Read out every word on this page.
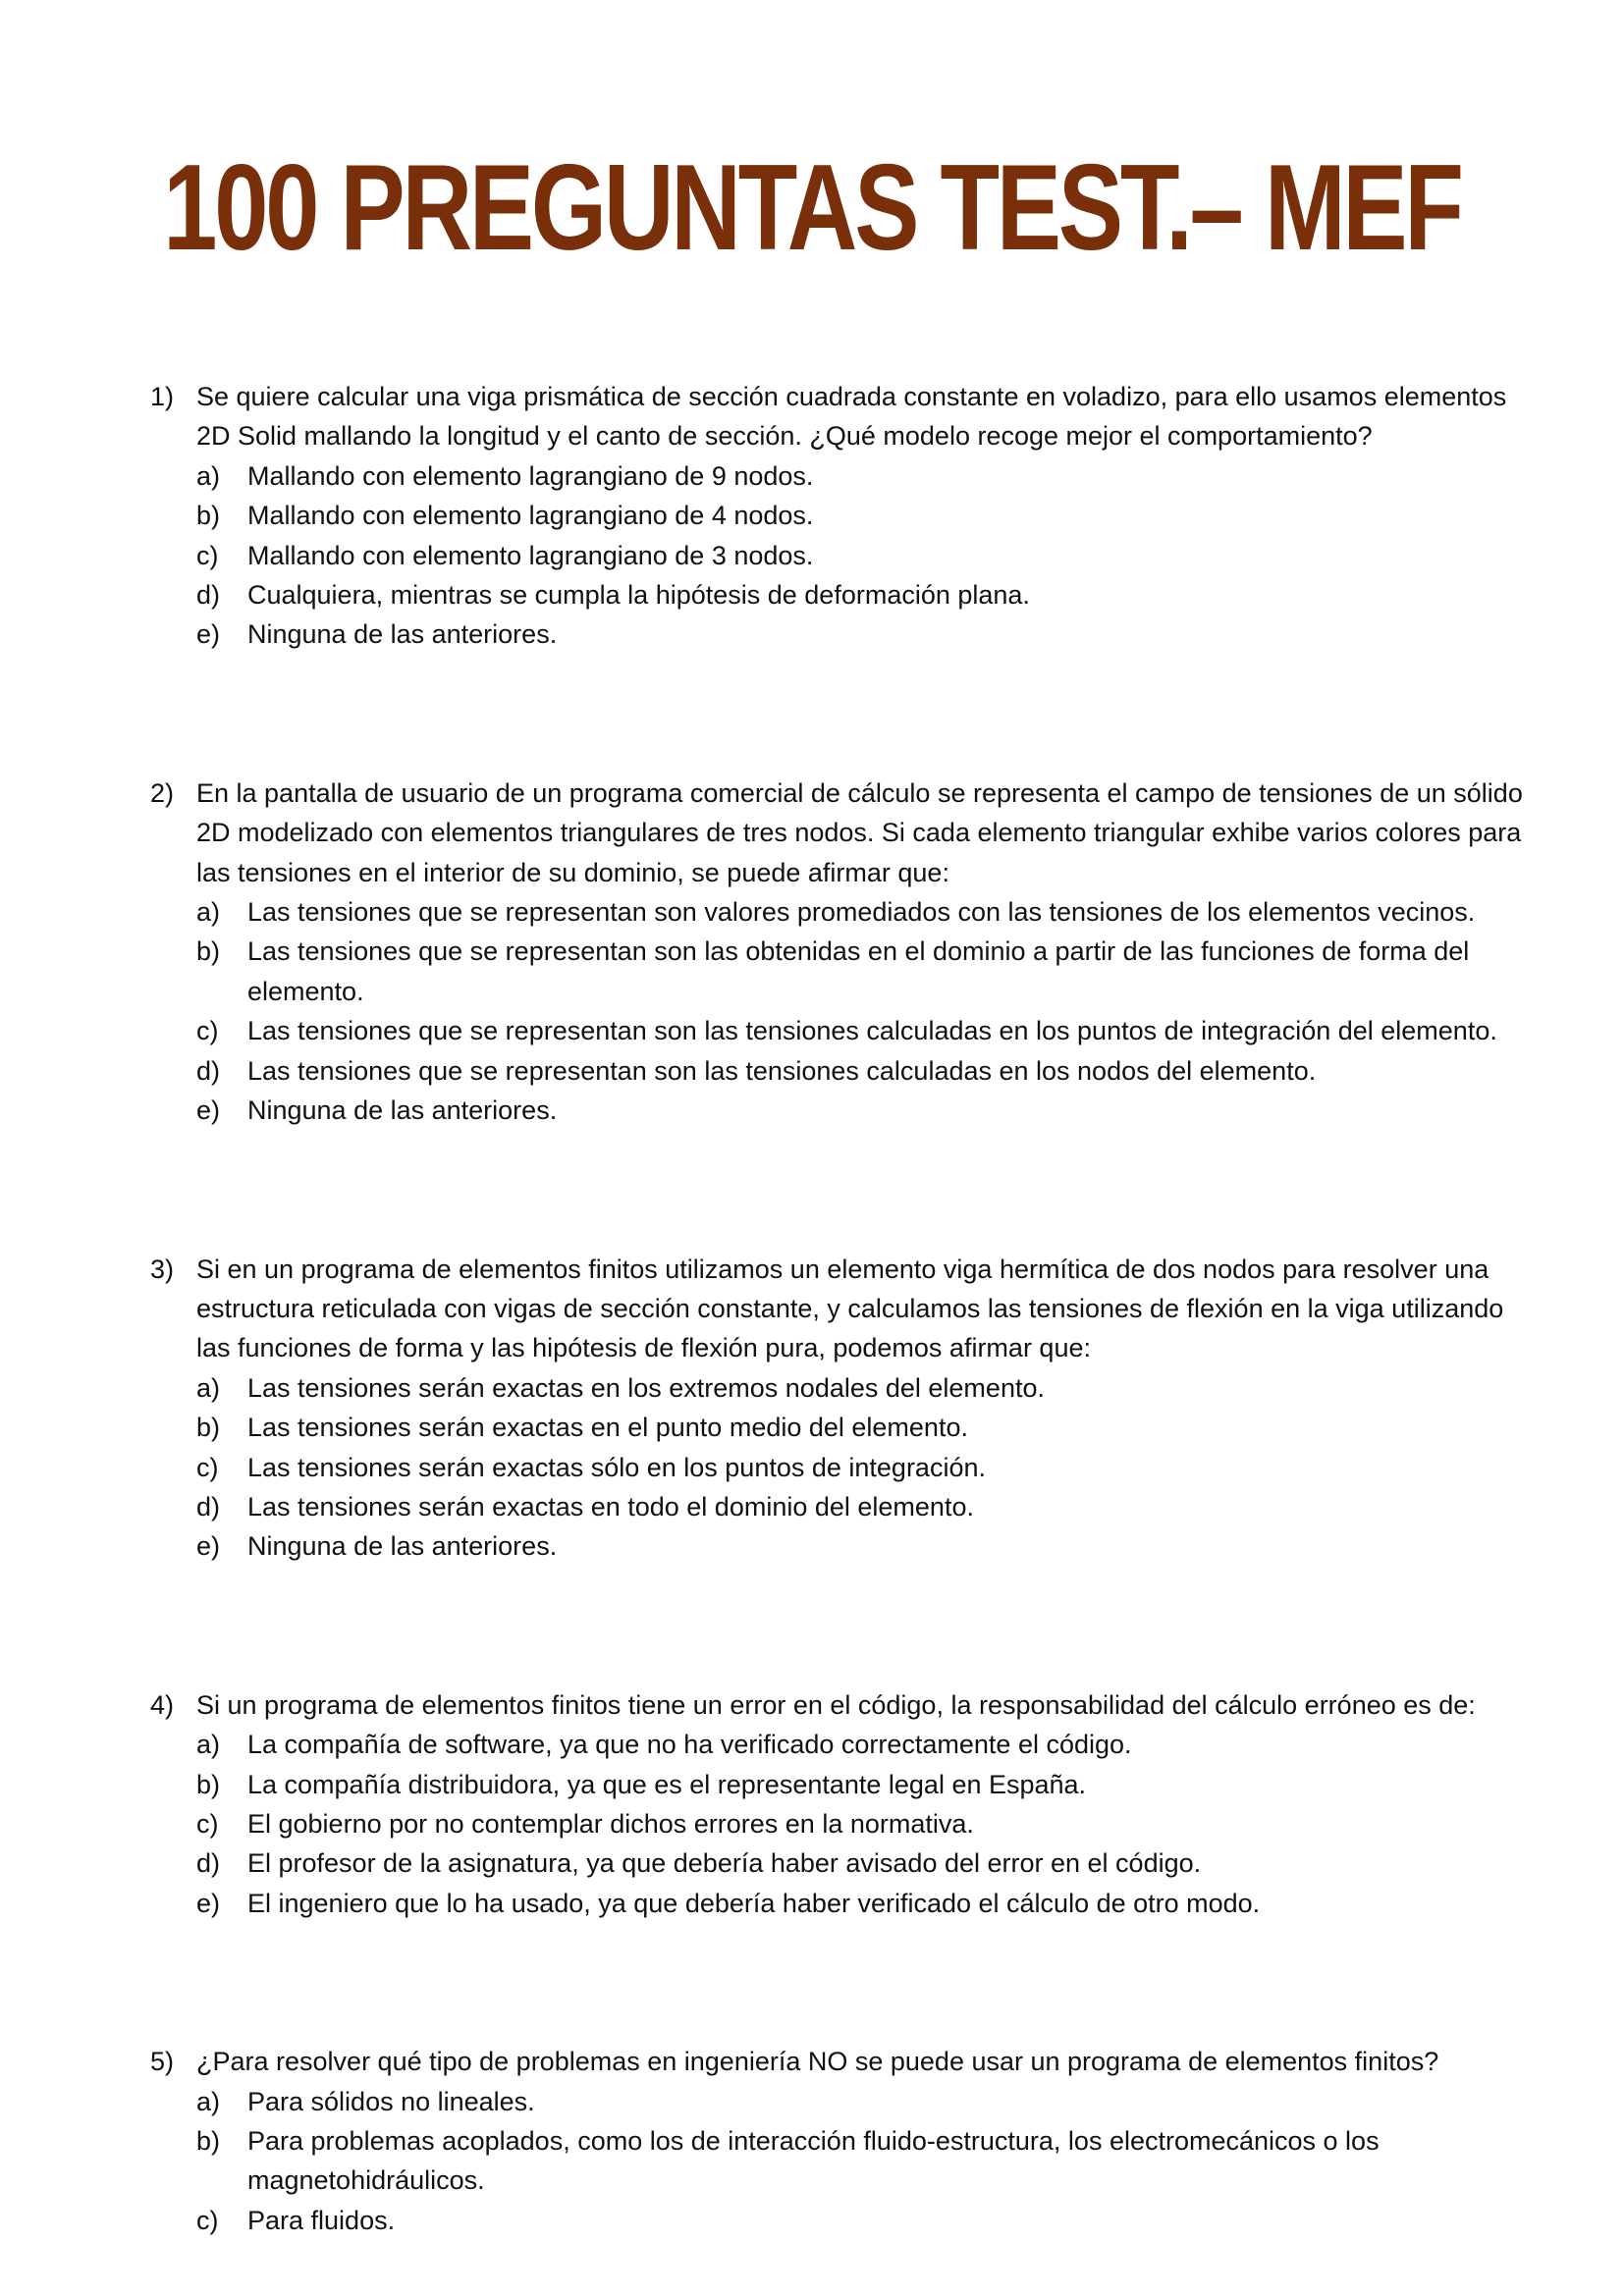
100 PREGUNTAS TEST.– MEF
1) Se quiere calcular una viga prismática de sección cuadrada constante en voladizo, para ello usamos elementos 2D Solid mallando la longitud y el canto de sección. ¿Qué modelo recoge mejor el comportamiento?
a) Mallando con elemento lagrangiano de 9 nodos.
b) Mallando con elemento lagrangiano de 4 nodos.
c) Mallando con elemento lagrangiano de 3 nodos.
d) Cualquiera, mientras se cumpla la hipótesis de deformación plana.
e) Ninguna de las anteriores.
2) En la pantalla de usuario de un programa comercial de cálculo se representa el campo de tensiones de un sólido 2D modelizado con elementos triangulares de tres nodos. Si cada elemento triangular exhibe varios colores para las tensiones en el interior de su dominio, se puede afirmar que:
a) Las tensiones que se representan son valores promediados con las tensiones de los elementos vecinos.
b) Las tensiones que se representan son las obtenidas en el dominio a partir de las funciones de forma del elemento.
c) Las tensiones que se representan son las tensiones calculadas en los puntos de integración del elemento.
d) Las tensiones que se representan son las tensiones calculadas en los nodos del elemento.
e) Ninguna de las anteriores.
3) Si en un programa de elementos finitos utilizamos un elemento viga hermítica de dos nodos para resolver una estructura reticulada con vigas de sección constante, y calculamos las tensiones de flexión en la viga utilizando las funciones de forma y las hipótesis de flexión pura, podemos afirmar que:
a) Las tensiones serán exactas en los extremos nodales del elemento.
b) Las tensiones serán exactas en el punto medio del elemento.
c) Las tensiones serán exactas sólo en los puntos de integración.
d) Las tensiones serán exactas en todo el dominio del elemento.
e) Ninguna de las anteriores.
4) Si un programa de elementos finitos tiene un error en el código, la responsabilidad del cálculo erróneo es de:
a) La compañía de software, ya que no ha verificado correctamente el código.
b) La compañía distribuidora, ya que es el representante legal en España.
c) El gobierno por no contemplar dichos errores en la normativa.
d) El profesor de la asignatura, ya que debería haber avisado del error en el código.
e) El ingeniero que lo ha usado, ya que debería haber verificado el cálculo de otro modo.
5) ¿Para resolver qué tipo de problemas en ingeniería NO se puede usar un programa de elementos finitos?
a) Para sólidos no lineales.
b) Para problemas acoplados, como los de interacción fluido-estructura, los electromecánicos o los magnetohidráulicos.
c) Para fluidos.
